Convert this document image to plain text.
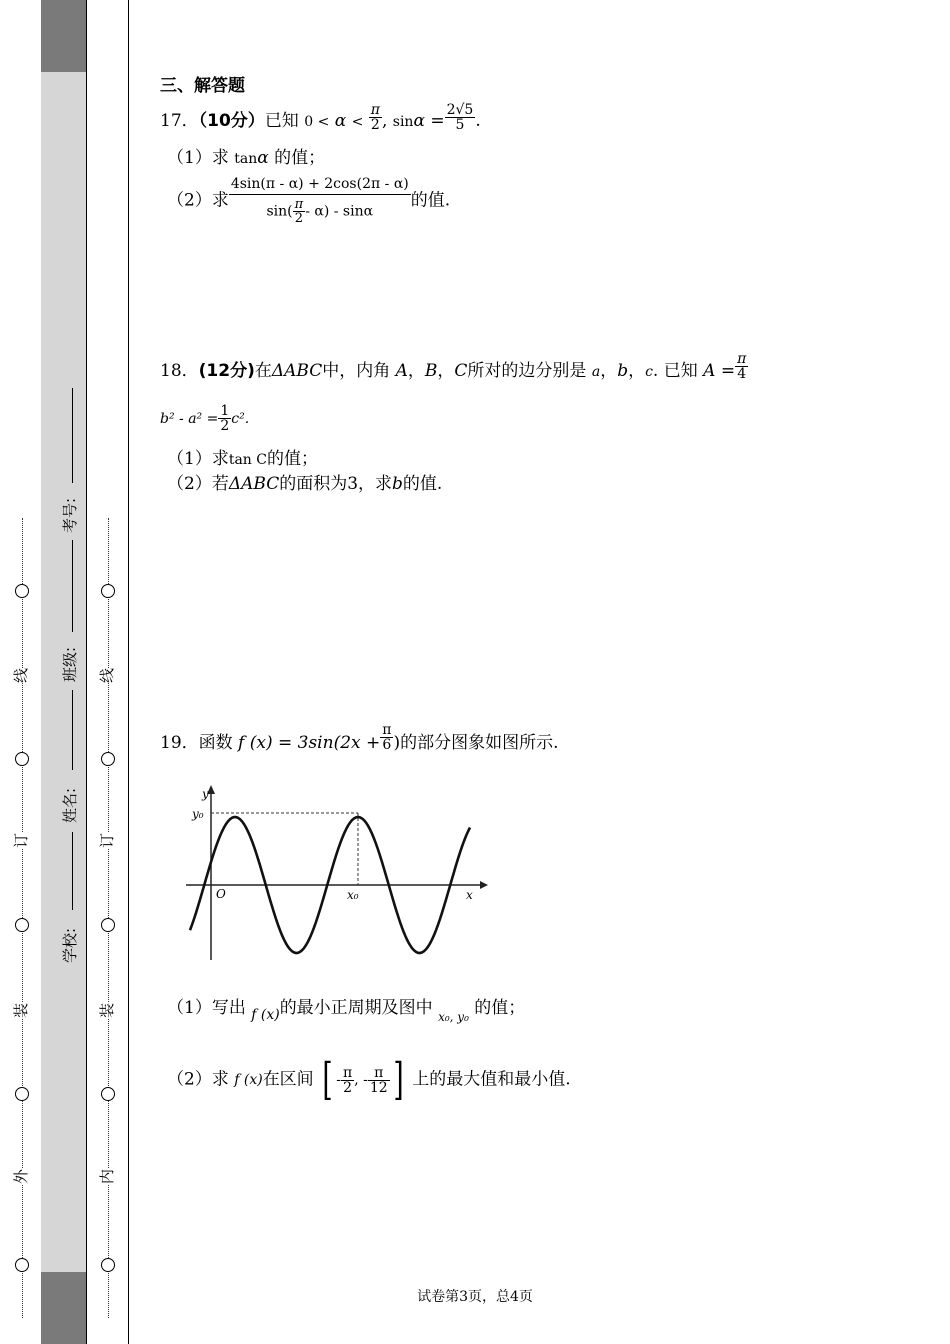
外
装
订
线
内
装
订
线
学校:
姓名:
班级:
考号:
三、解答题
17．（10分）已知 $0 < \alpha < \frac{\pi}{2}$ , $\sin\alpha = \frac{2√5}{5}$ .
（1）求 tanα 的值；
（2）求 $\frac{4\sin(\pi - \alpha) + 2\cos(2\pi - \alpha)}{\sin( \frac{\pi}{2} - \alpha) - \sin\alpha}$ 的值.
18．(12分)在ΔABC中，内角 A，B，C所对的边分别是 a，b，c. 已知 $A = \frac{\pi}{4}$
$b^2 - a^2 = \frac{1}{2} c^2$.
（1）求tan C的值；
（2）若ΔABC的面积为3，求b的值.
19．函数 f $(x) = 3\sin(2x + \frac{\pi}{6}$ )的部分图象如图所示.
y
y₀
O	x₀	x
（1）写出 $_{f (x)}$的最小正周期及图中 $_{x_0, y_0}$ 的值；
（2）求 f (x)在区间 [ - $\frac{\pi}{2}$ , - $\frac{\pi}{12}$ ] 上的最大值和最小值.
试卷第3页，总4页
